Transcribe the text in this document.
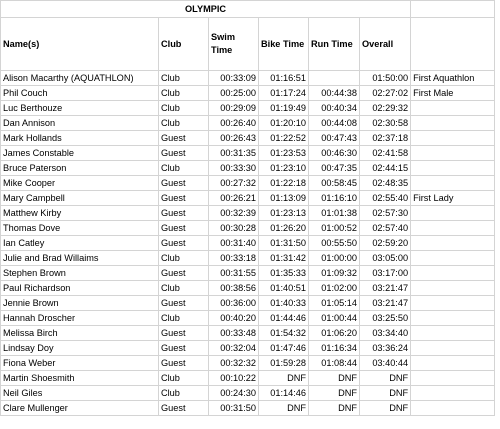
OLYMPIC						
Name(s)	Club	Swim Time	Bike Time	Run Time	Overall	
Alison Macarthy (AQUATHLON)	Club	00:33:09	01:16:51		01:50:00	First Aquathlon
Phil Couch	Club	00:25:00	01:17:24	00:44:38	02:27:02	First Male
Luc Berthouze	Club	00:29:09	01:19:49	00:40:34	02:29:32	
Dan Annison	Club	00:26:40	01:20:10	00:44:08	02:30:58	
Mark Hollands	Guest	00:26:43	01:22:52	00:47:43	02:37:18	
James Constable	Guest	00:31:35	01:23:53	00:46:30	02:41:58	
Bruce Paterson	Club	00:33:30	01:23:10	00:47:35	02:44:15	
Mike Cooper	Guest	00:27:32	01:22:18	00:58:45	02:48:35	
Mary Campbell	Guest	00:26:21	01:13:09	01:16:10	02:55:40	First Lady
Matthew Kirby	Guest	00:32:39	01:23:13	01:01:38	02:57:30	
Thomas Dove	Guest	00:30:28	01:26:20	01:00:52	02:57:40	
Ian Catley	Guest	00:31:40	01:31:50	00:55:50	02:59:20	
Julie and Brad Willaims	Club	00:33:18	01:31:42	01:00:00	03:05:00	
Stephen Brown	Guest	00:31:55	01:35:33	01:09:32	03:17:00	
Paul Richardson	Club	00:38:56	01:40:51	01:02:00	03:21:47	
Jennie Brown	Guest	00:36:00	01:40:33	01:05:14	03:21:47	
Hannah Droscher	Club	00:40:20	01:44:46	01:00:44	03:25:50	
Melissa Birch	Guest	00:33:48	01:54:32	01:06:20	03:34:40	
Lindsay Doy	Guest	00:32:04	01:47:46	01:16:34	03:36:24	
Fiona Weber	Guest	00:32:32	01:59:28	01:08:44	03:40:44	
Martin Shoesmith	Club	00:10:22	DNF	DNF	DNF	
Neil Giles	Club	00:24:30	01:14:46	DNF	DNF	
Clare Mullenger	Guest	00:31:50	DNF	DNF	DNF	
